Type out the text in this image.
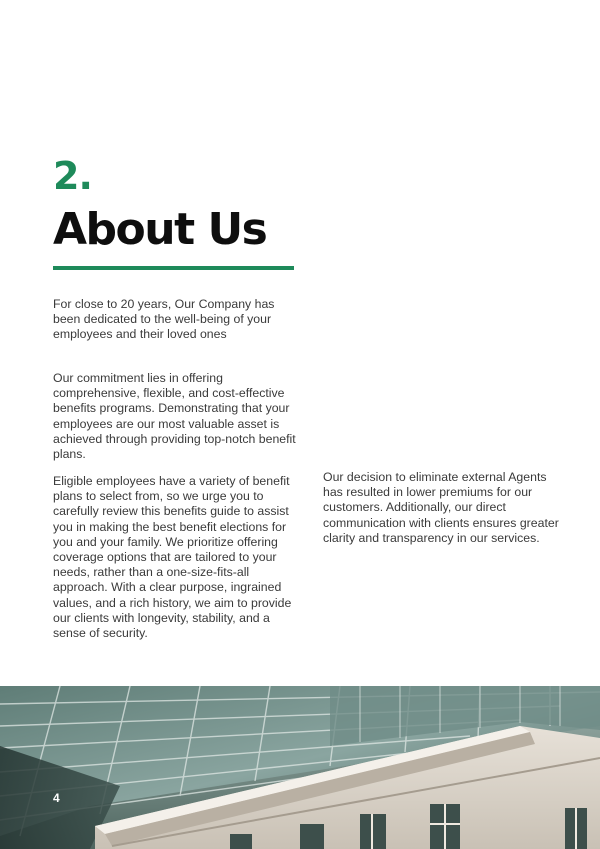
2.
About Us

For close to 20 years, Our Company has been dedicated to the well-being of your employees and their loved ones

Our commitment lies in offering comprehensive, flexible, and cost-effective benefits programs. Demonstrating that your employees are our most valuable asset is achieved through providing top-notch benefit plans.

Eligible employees have a variety of benefit plans to select from, so we urge you to carefully review this benefits guide to assist you in making the best benefit elections for you and your family. We prioritize offering coverage options that are tailored to your needs, rather than a one-size-fits-all approach. With a clear purpose, ingrained values, and a rich history, we aim to provide our clients with longevity, stability, and a sense of security.

Our decision to eliminate external Agents has resulted in lower premiums for our customers. Additionally, our direct communication with clients ensures greater clarity and transparency in our services.

4
